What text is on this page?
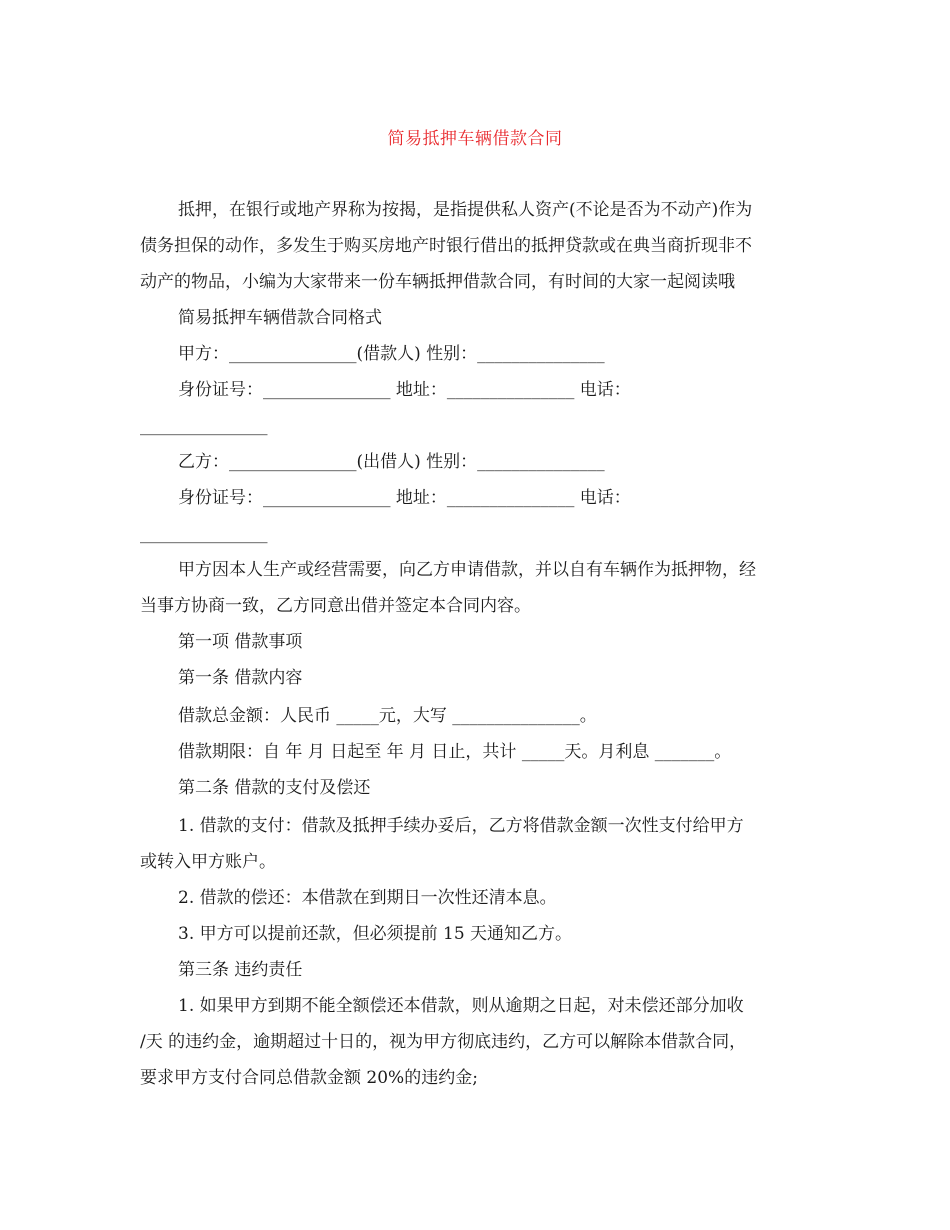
简易抵押车辆借款合同
抵押，在银行或地产界称为按揭，是指提供私人资产(不论是否为不动产)作为
债务担保的动作，多发生于购买房地产时银行借出的抵押贷款或在典当商折现非不
动产的物品，小编为大家带来一份车辆抵押借款合同，有时间的大家一起阅读哦
简易抵押车辆借款合同格式
甲方：_______________(借款人) 性别：_______________
身份证号：_______________ 地址：_______________ 电话：
_______________
乙方：_______________(出借人) 性别：_______________
身份证号：_______________ 地址：_______________ 电话：
_______________
甲方因本人生产或经营需要，向乙方申请借款，并以自有车辆作为抵押物，经
当事方协商一致，乙方同意出借并签定本合同内容。
第一项 借款事项
第一条 借款内容
借款总金额：人民币 _____元，大写 _______________。
借款期限：自 年 月 日起至 年 月 日止，共计 _____天。月利息 _______。
第二条 借款的支付及偿还
1. 借款的支付：借款及抵押手续办妥后，乙方将借款金额一次性支付给甲方
或转入甲方账户。
2. 借款的偿还：本借款在到期日一次性还清本息。
3. 甲方可以提前还款，但必须提前 15 天通知乙方。
第三条 违约责任
1. 如果甲方到期不能全额偿还本借款，则从逾期之日起，对未偿还部分加收
/天 的违约金，逾期超过十日的，视为甲方彻底违约，乙方可以解除本借款合同，
要求甲方支付合同总借款金额 20%的违约金;
